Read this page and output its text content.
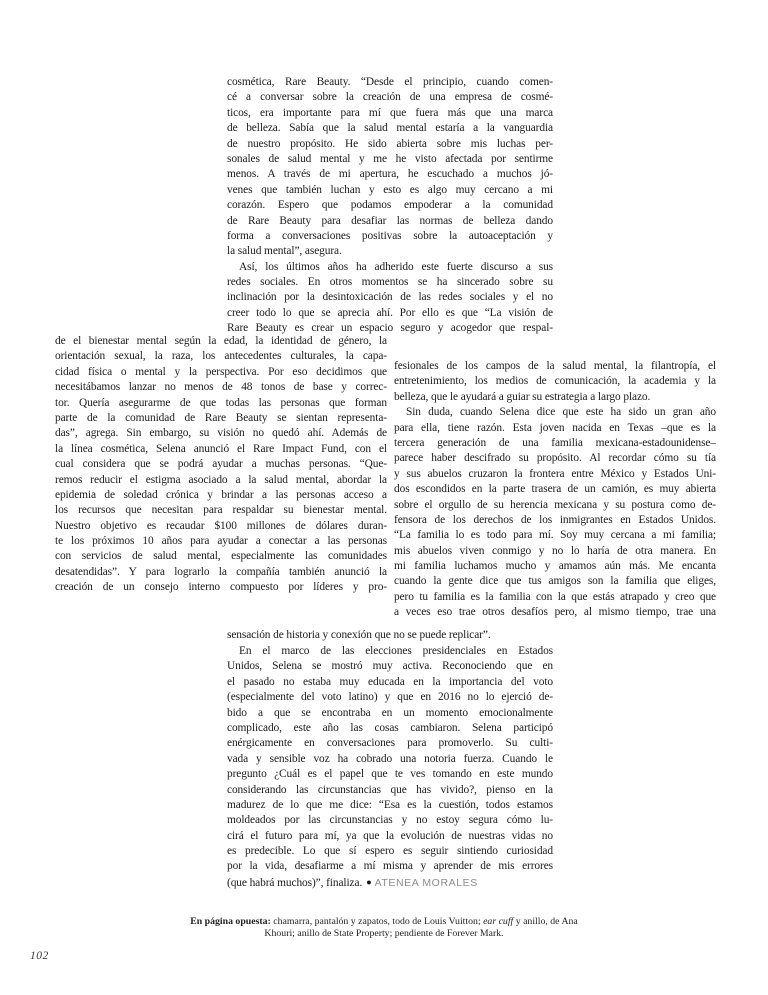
cosmética, Rare Beauty. “Desde el principio, cuando comen-
cé a conversar sobre la creación de una empresa de cosmé-
ticos, era importante para mí que fuera más que una marca
de belleza. Sabía que la salud mental estaría a la vanguardia
de nuestro propósito. He sido abierta sobre mis luchas per-
sonales de salud mental y me he visto afectada por sentirme
menos. A través de mi apertura, he escuchado a muchos jó-
venes que también luchan y esto es algo muy cercano a mi
corazón. Espero que podamos empoderar a la comunidad
de Rare Beauty para desafiar las normas de belleza dando
forma a conversaciones positivas sobre la autoaceptación y
la salud mental”, asegura.
Así, los últimos años ha adherido este fuerte discurso a sus
redes sociales. En otros momentos se ha sincerado sobre su
inclinación por la desintoxicación de las redes sociales y el no
creer todo lo que se aprecia ahí. Por ello es que “La visión de
Rare Beauty es crear un espacio seguro y acogedor que respal-
de el bienestar mental según la edad, la identidad de género, la
orientación sexual, la raza, los antecedentes culturales, la capa-
cidad física o mental y la perspectiva. Por eso decidimos que
necesitábamos lanzar no menos de 48 tonos de base y correc-
tor. Quería asegurarme de que todas las personas que forman
parte de la comunidad de Rare Beauty se sientan representa-
das”, agrega. Sin embargo, su visión no quedó ahí. Además de
la línea cosmética, Selena anunció el Rare Impact Fund, con el
cual considera que se podrá ayudar a muchas personas. “Que-
remos reducir el estigma asociado a la salud mental, abordar la
epidemia de soledad crónica y brindar a las personas acceso a
los recursos que necesitan para respaldar su bienestar mental.
Nuestro objetivo es recaudar $100 millones de dólares duran-
te los próximos 10 años para ayudar a conectar a las personas
con servicios de salud mental, especialmente las comunidades
desatendidas”. Y para lograrlo la compañía también anunció la
creación de un consejo interno compuesto por líderes y pro-
fesionales de los campos de la salud mental, la filantropía, el
entretenimiento, los medios de comunicación, la academia y la
belleza, que le ayudará a guiar su estrategia a largo plazo.
Sin duda, cuando Selena dice que este ha sido un gran año
para ella, tiene razón. Esta joven nacida en Texas –que es la
tercera generación de una familia mexicana-estadounidense–
parece haber descifrado su propósito. Al recordar cómo su tía
y sus abuelos cruzaron la frontera entre México y Estados Uni-
dos escondidos en la parte trasera de un camión, es muy abierta
sobre el orgullo de su herencia mexicana y su postura como de-
fensora de los derechos de los inmigrantes en Estados Unidos.
“La familia lo es todo para mí. Soy muy cercana a mi familia;
mis abuelos viven conmigo y no lo haría de otra manera. En
mi familia luchamos mucho y amamos aún más. Me encanta
cuando la gente dice que tus amigos son la familia que eliges,
pero tu familia es la familia con la que estás atrapado y creo que
a veces eso trae otros desafíos pero, al mismo tiempo, trae una
sensación de historia y conexión que no se puede replicar”.
En el marco de las elecciones presidenciales en Estados
Unidos, Selena se mostró muy activa. Reconociendo que en
el pasado no estaba muy educada en la importancia del voto
(especialmente del voto latino) y que en 2016 no lo ejerció de-
bido a que se encontraba en un momento emocionalmente
complicado, este año las cosas cambiaron. Selena participó
enérgicamente en conversaciones para promoverlo. Su culti-
vada y sensible voz ha cobrado una notoria fuerza. Cuando le
pregunto ¿Cuál es el papel que te ves tomando en este mundo
considerando las circunstancias que has vivido?, pienso en la
madurez de lo que me dice: “Esa es la cuestión, todos estamos
moldeados por las circunstancias y no estoy segura cómo lu-
cirá el futuro para mí, ya que la evolución de nuestras vidas no
es predecible. Lo que sí espero es seguir sintiendo curiosidad
por la vida, desafiarme a mí misma y aprender de mis errores
(que habrá muchos)”, finaliza. ● ATENEA MORALES
En página opuesta: chamarra, pantalón y zapatos, todo de Louis Vuitton; ear cuff y anillo, de Ana
Khouri; anillo de State Property; pendiente de Forever Mark.
102
